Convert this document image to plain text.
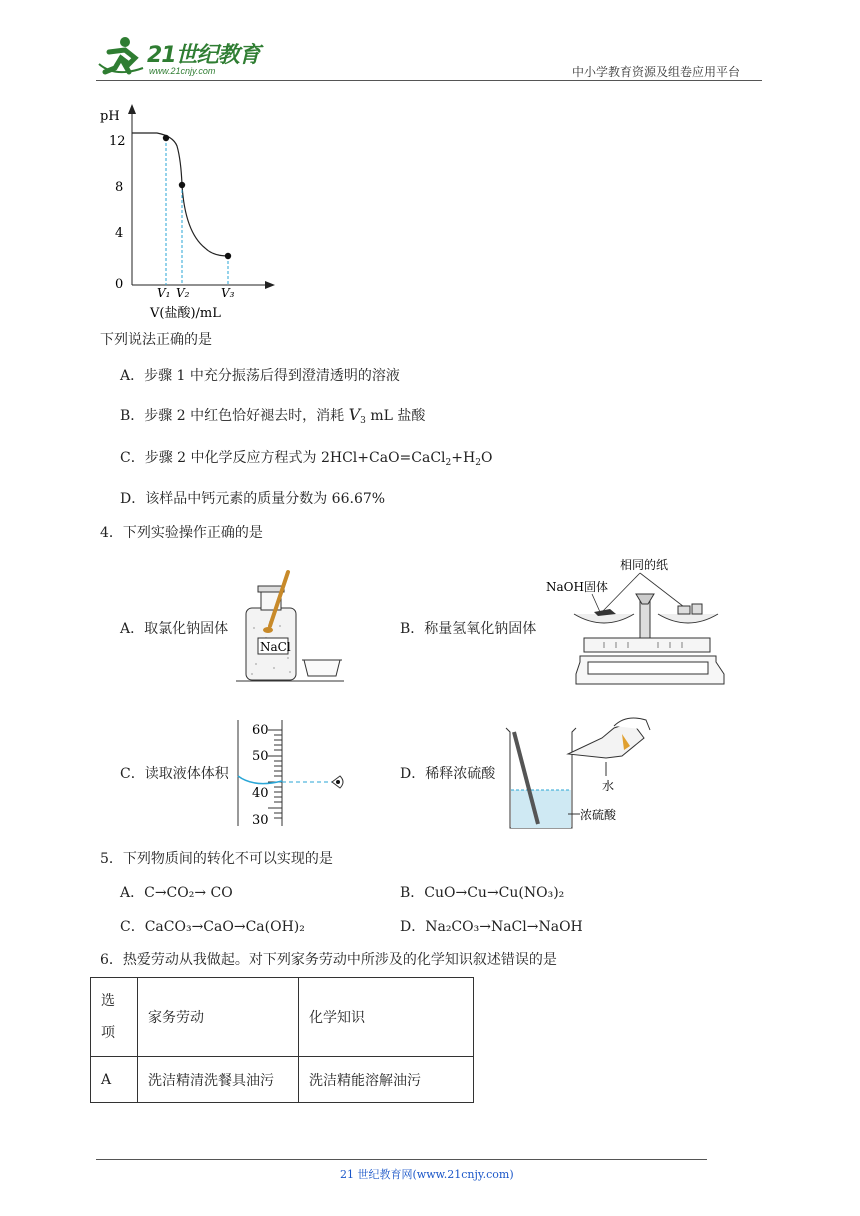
21世纪教育
www.21cnjy.com	中小学教育资源及组卷应用平台
pH
12
8
4
0
V₁ V₂	V₃
V(盐酸)/mL
下列说法正确的是
A．步骤 1 中充分振荡后得到澄清透明的溶液
B．步骤 2 中红色恰好褪去时，消耗 $V_3$ mL 盐酸
C．步骤 2 中化学反应方程式为 $2HCl+CaO=CaCl_2+H_2O$
D．该样品中钙元素的质量分数为 66.67%
4．下列实验操作正确的是
A．取氯化钠固体
NaCl
B．称量氢氧化钠固体
相同的纸
NaOH固体
C．读取液体体积
60
50
40
30
D．稀释浓硫酸
浓硫酸
水
5．下列物质间的转化不可以实现的是
A．C→CO₂→ CO	B．CuO→Cu→Cu(NO₃)₂
C．CaCO₃→CaO→Ca(OH)₂	D．Na₂CO₃→NaCl→NaOH
6．热爱劳动从我做起。对下列家务劳动中所涉及的化学知识叙述错误的是
选
项	家务劳动	化学知识
A	洗洁精清洗餐具油污	洗洁精能溶解油污
21 世纪教育网(www.21cnjy.com)
